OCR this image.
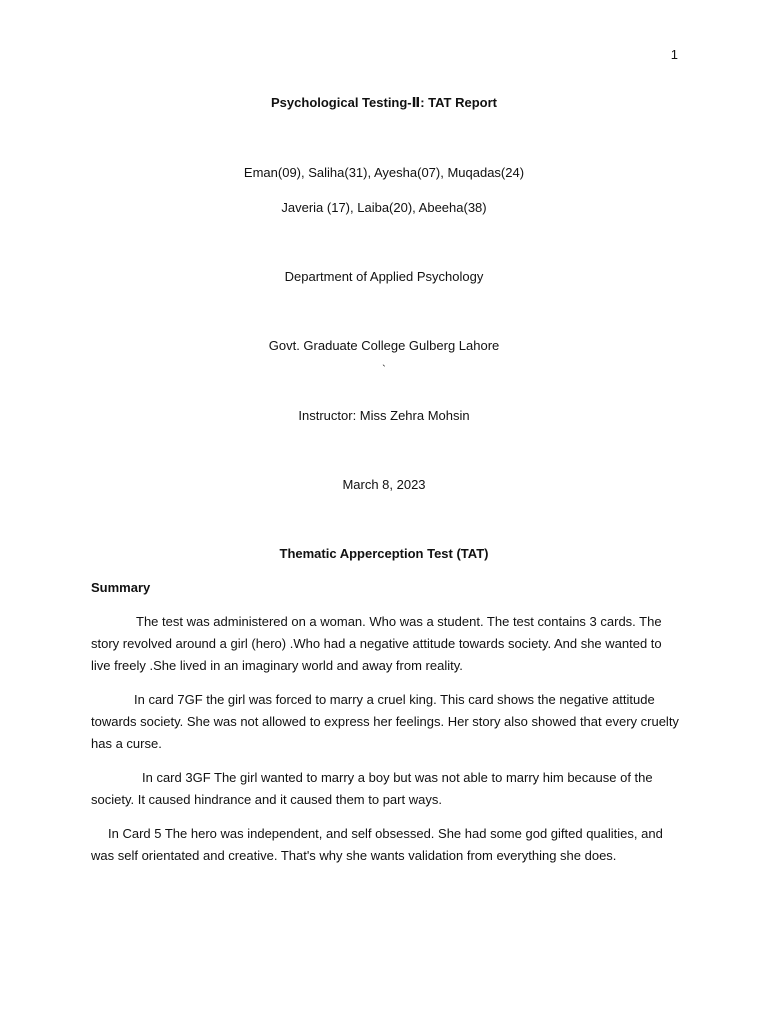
1
Psychological Testing-Ⅱ: TAT Report
Eman(09), Saliha(31), Ayesha(07), Muqadas(24)
Javeria (17), Laiba(20), Abeeha(38)
Department of Applied Psychology
Govt. Graduate College Gulberg Lahore
`
Instructor: Miss Zehra Mohsin
March 8, 2023
Thematic Apperception Test (TAT)
Summary

The test was administered on a woman. Who was a student. The test contains 3 cards. The story revolved around a girl (hero) .Who had a negative attitude towards society. And she wanted to live freely .She lived in an imaginary world and away from reality.

In card 7GF the girl was forced to marry a cruel king. This card shows the negative attitude towards society. She was not allowed to express her feelings. Her story also showed that every cruelty has a curse.

In card 3GF The girl wanted to marry a boy but was not able to marry him because of the society. It caused hindrance and it caused them to part ways.

In Card 5 The hero was independent, and self obsessed. She had some god gifted qualities, and was self orientated and creative. That's why she wants validation from everything she does.
